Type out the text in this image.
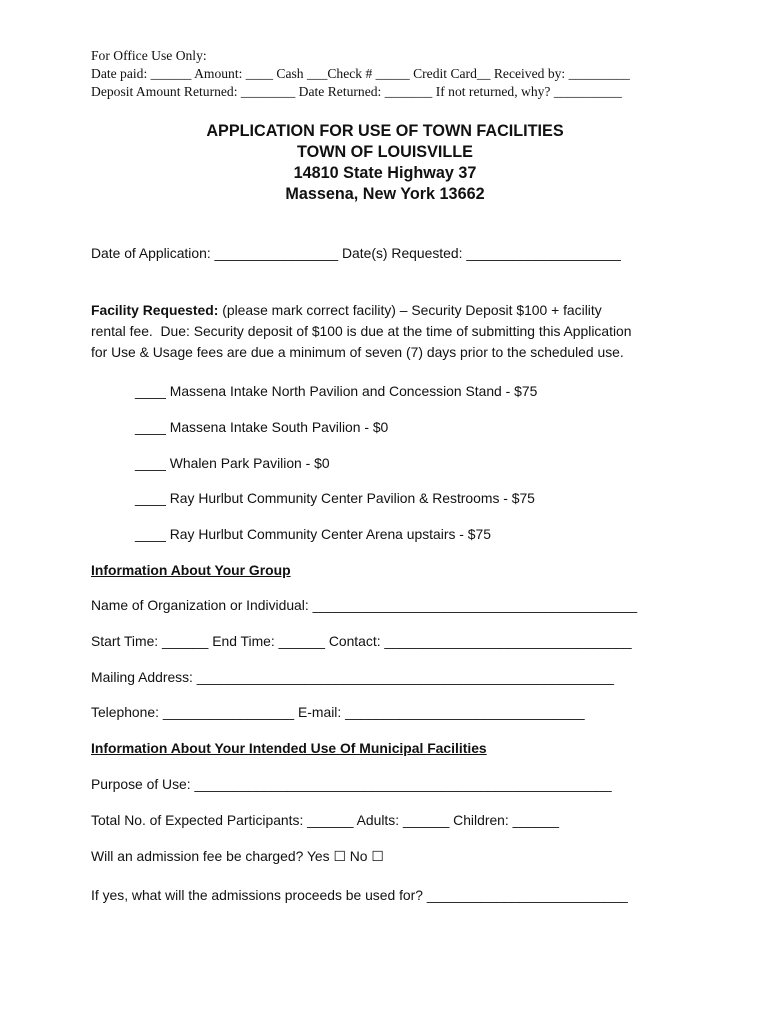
For Office Use Only:
Date paid: ______ Amount: ____ Cash ___Check # _____ Credit Card__ Received by: _________
Deposit Amount Returned: ________ Date Returned: _______ If not returned, why? __________
APPLICATION FOR USE OF TOWN FACILITIES
TOWN OF LOUISVILLE
14810 State Highway 37
Massena, New York 13662
Date of Application: ________________ Date(s) Requested: ____________________
Facility Requested: (please mark correct facility) – Security Deposit $100 + facility
rental fee.  Due: Security deposit of $100 is due at the time of submitting this Application
for Use & Usage fees are due a minimum of seven (7) days prior to the scheduled use.
____ Massena Intake North Pavilion and Concession Stand - $75
____ Massena Intake South Pavilion - $0
____ Whalen Park Pavilion - $0
____ Ray Hurlbut Community Center Pavilion & Restrooms - $75
____ Ray Hurlbut Community Center Arena upstairs - $75
Information About Your Group
Name of Organization or Individual: __________________________________________
Start Time: ______ End Time: ______ Contact: ________________________________
Mailing Address: ______________________________________________________
Telephone: _________________ E-mail: _______________________________
Information About Your Intended Use Of Municipal Facilities
Purpose of Use: ______________________________________________________
Total No. of Expected Participants: ______ Adults: ______ Children: ______
Will an admission fee be charged? Yes ☐ No ☐
If yes, what will the admissions proceeds be used for? __________________________
